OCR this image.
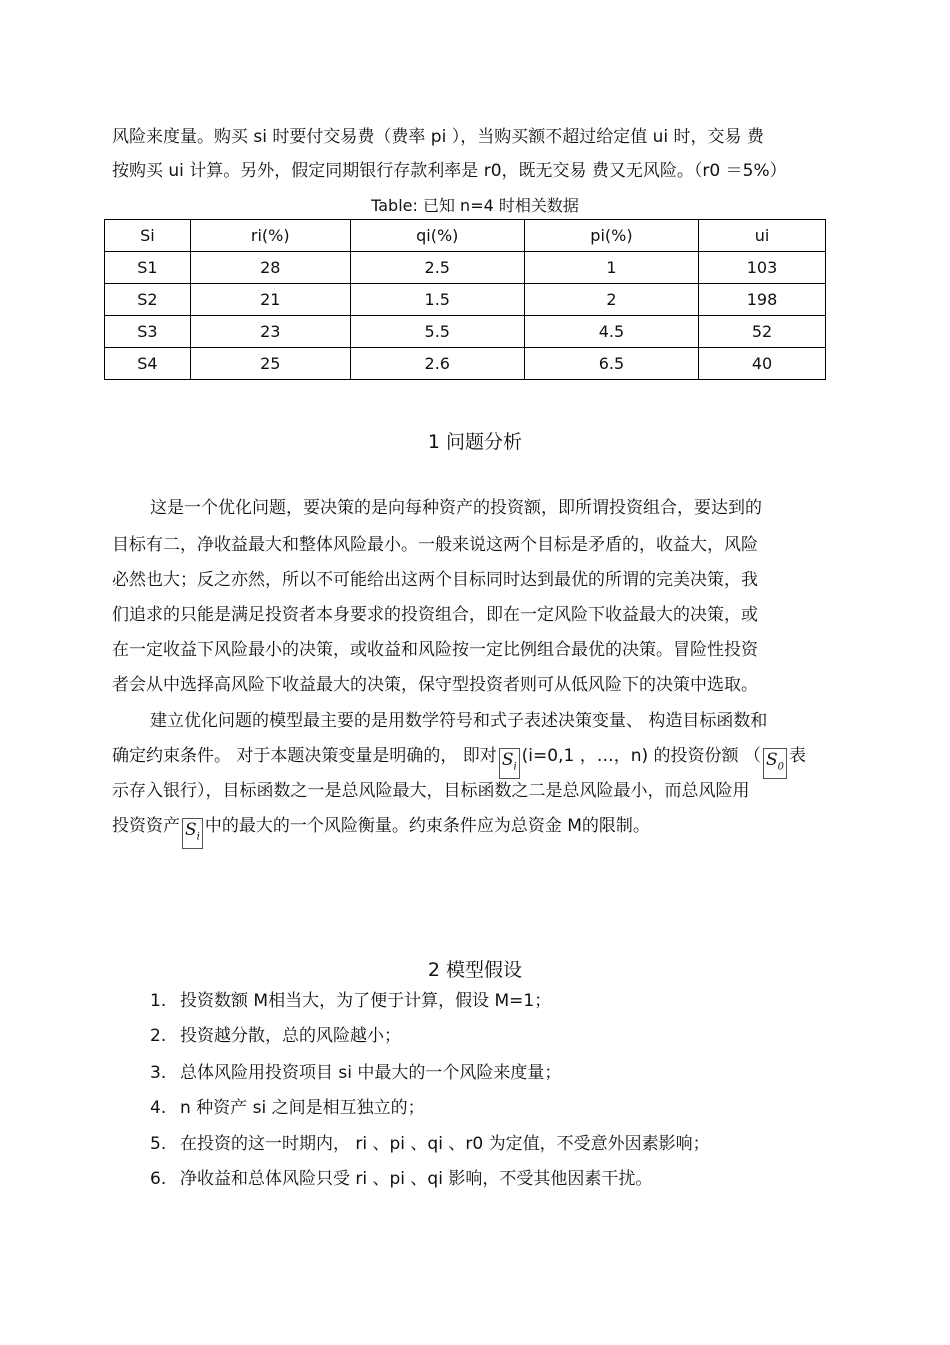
风险来度量。购买 si 时要付交易费（费率 pi ），当购买额不超过给定值 ui 时，交易 费
按购买 ui 计算。另外，假定同期银行存款利率是 r0，既无交易 费又无风险。（r0 ＝5%）
Table: 已知 n=4 时相关数据
Si	ri(%)	qi(%)	pi(%)	ui
S1	28	2.5	1	103
S2	21	1.5	2	198
S3	23	5.5	4.5	52
S4	25	2.6	6.5	40
1 问题分析
这是一个优化问题，要决策的是向每种资产的投资额，即所谓投资组合，要达到的
目标有二，净收益最大和整体风险最小。一般来说这两个目标是矛盾的，收益大，风险
必然也大；反之亦然，所以不可能给出这两个目标同时达到最优的所谓的完美决策，我
们追求的只能是满足投资者本身要求的投资组合，即在一定风险下收益最大的决策，或
在一定收益下风险最小的决策，或收益和风险按一定比例组合最优的决策。冒险性投资
者会从中选择高风险下收益最大的决策，保守型投资者则可从低风险下的决策中选取。
建立优化问题的模型最主要的是用数学符号和式子表述决策变量、 构造目标函数和
确定约束条件。 对于本题决策变量是明确的， 即对 $S_i(i=0,1$ ，…，n) 的投资份额 （ $S_0$表
示存入银行），目标函数之一是总风险最大，目标函数之二是总风险最小，而总风险用
投资资产 $S_i$中的最大的一个风险衡量。约束条件应为总资金 M的限制。
2 模型假设
1. 投资数额 M相当大，为了便于计算，假设 M=1；
2. 投资越分散，总的风险越小；
3. 总体风险用投资项目 si 中最大的一个风险来度量；
4. n 种资产 si 之间是相互独立的；
5. 在投资的这一时期内， ri 、pi 、qi 、r0 为定值，不受意外因素影响；
6. 净收益和总体风险只受 ri 、pi 、qi 影响，不受其他因素干扰。
